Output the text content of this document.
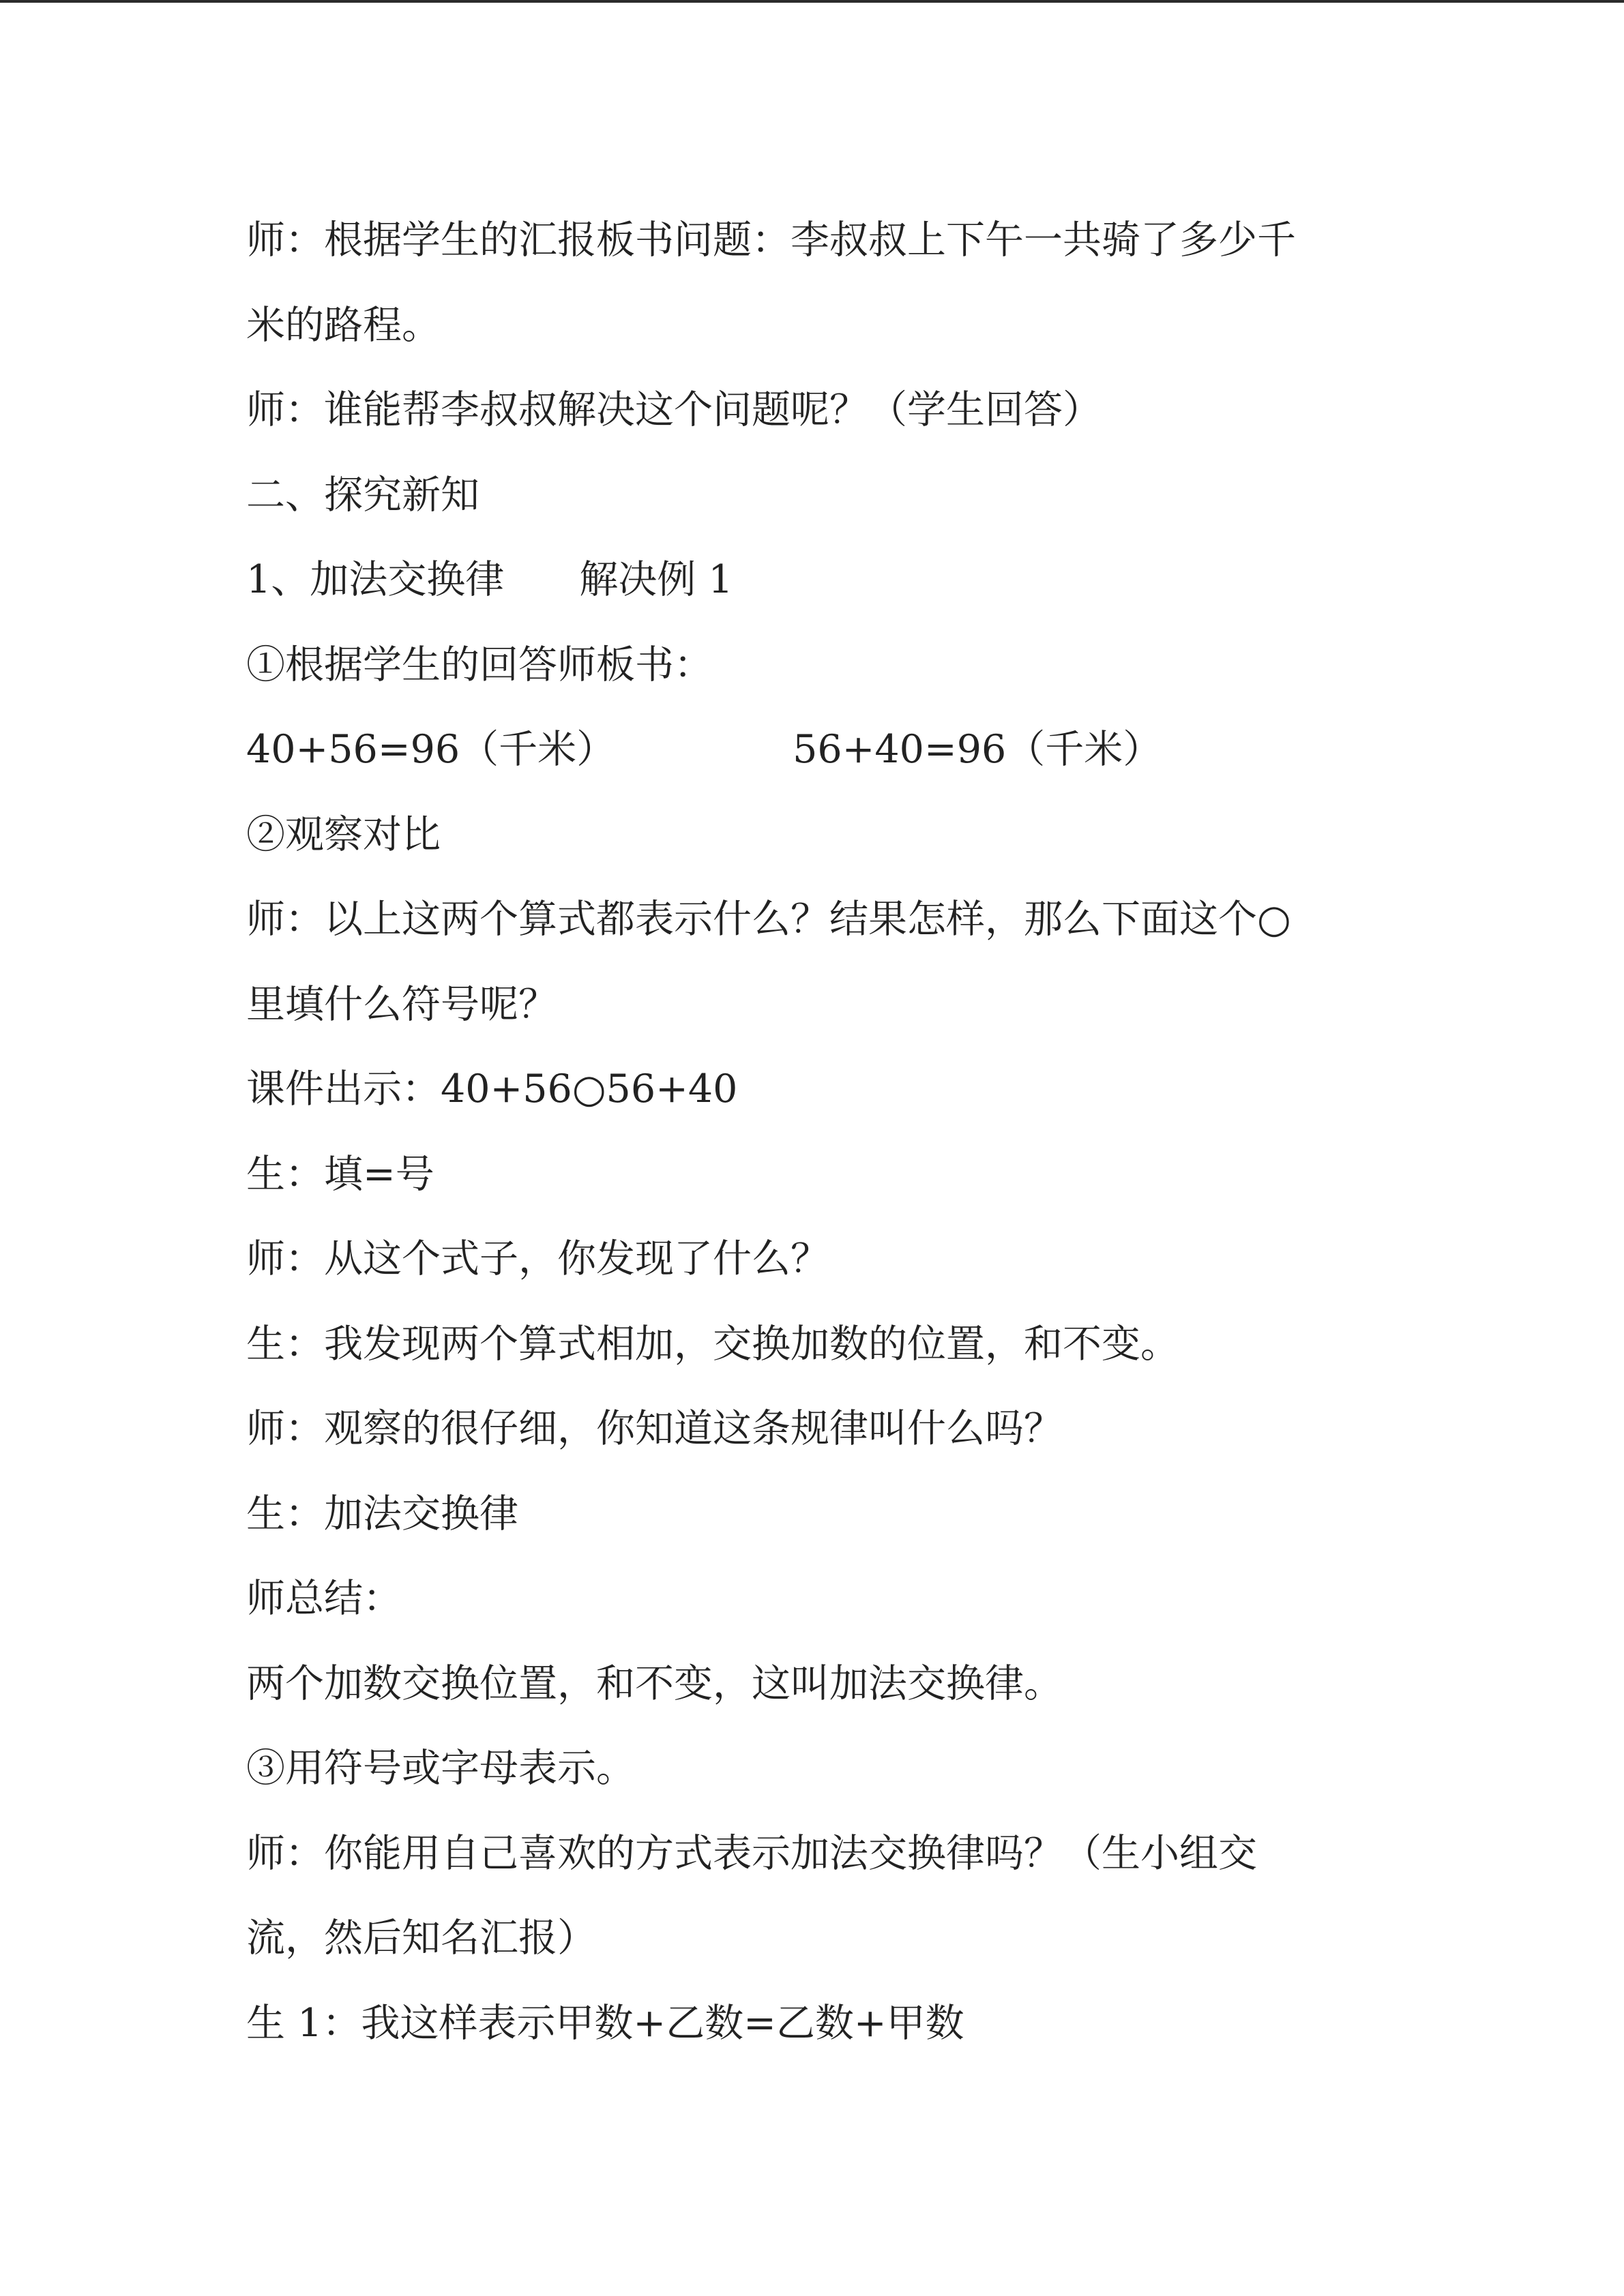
师：根据学生的汇报板书问题：李叔叔上下午一共骑了多少千
米的路程。
师：谁能帮李叔叔解决这个问题呢？（学生回答）
二、探究新知
1、加法交换律 解决例 1
①根据学生的回答师板书：
40+56=96（千米）	56+40=96（千米）
②观察对比
师：以上这两个算式都表示什么？结果怎样，那么下面这个○
里填什么符号呢？
课件出示：40+56○56+40
生：填=号
师：从这个式子，你发现了什么？
生：我发现两个算式相加，交换加数的位置，和不变。
师：观察的很仔细，你知道这条规律叫什么吗？
生：加法交换律
师总结：
两个加数交换位置，和不变，这叫加法交换律。
③用符号或字母表示。
师：你能用自己喜欢的方式表示加法交换律吗？（生小组交
流，然后知名汇报）
生 1：我这样表示甲数+乙数=乙数+甲数
